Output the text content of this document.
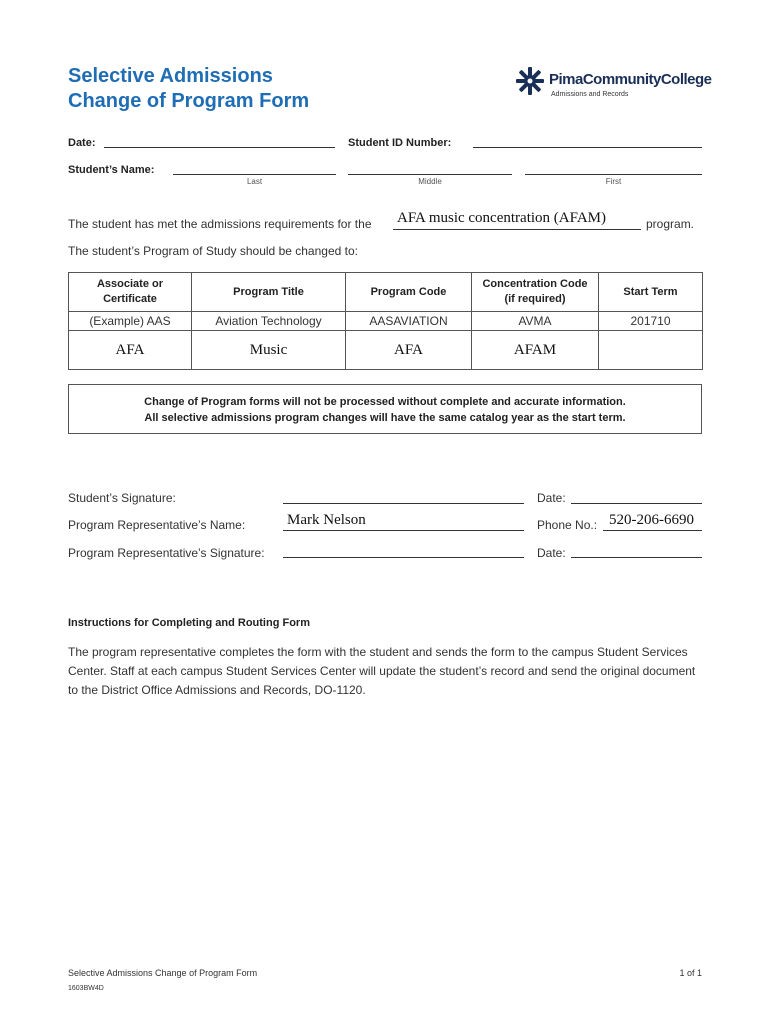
Selective Admissions
Change of Program Form
PimaCommunityCollege
Admissions and Records
Date:	Student ID Number:
Student’s Name:
Last	Middle	First
The student has met the admissions requirements for the AFA music concentration (AFAM)	program.
The student’s Program of Study should be changed to:
Associate or Certificate	Program Title	Program Code	Concentration Code (if required)	Start Term
(Example) AAS	Aviation Technology	AASAVIATION	AVMA	201710
AFA	Music	AFA	AFAM	
Change of Program forms will not be processed without complete and accurate information.
All selective admissions program changes will have the same catalog year as the start term.
Student’s Signature:	Date:
Program Representative’s Name:	Mark Nelson	Phone No.: 520-206-6690
Program Representative’s Signature:	Date:
Instructions for Completing and Routing Form
The program representative completes the form with the student and sends the form to the campus Student Services Center. Staff at each campus Student Services Center will update the student’s record and send the original document to the District Office Admissions and Records, DO-1120.
Selective Admissions Change of Program Form	1 of 1
1603BW4D
